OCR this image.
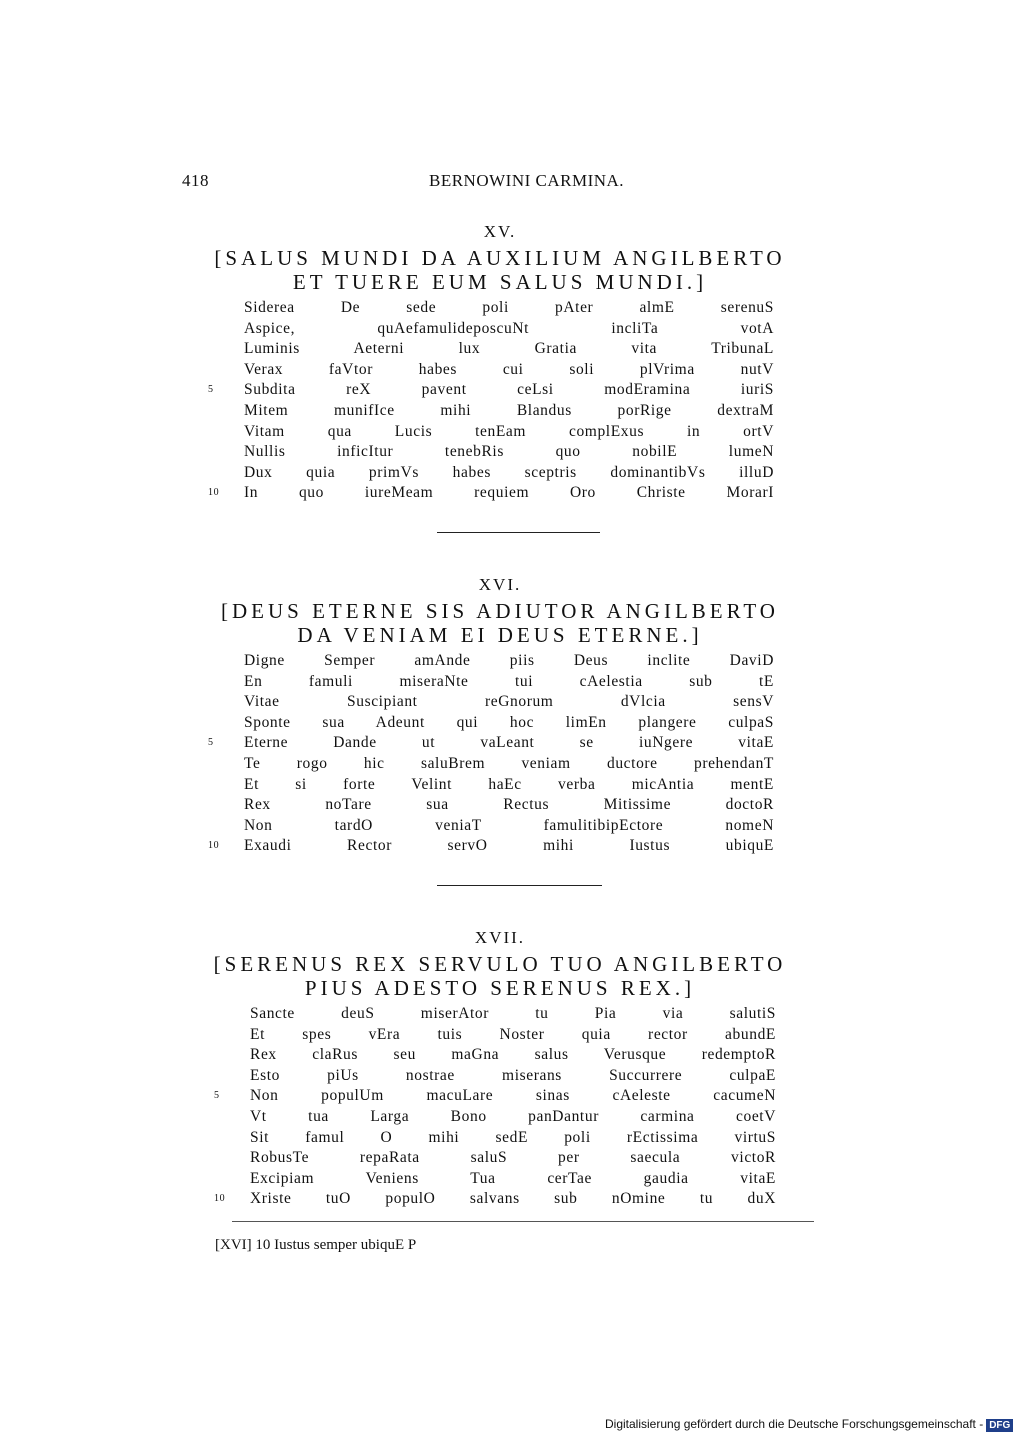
418	BERNOWINI CARMINA.
XV.
[SALUS MUNDI DA AUXILIUM ANGILBERTO
ET TUERE EUM SALUS MUNDI.]
Siderea De sede poli pAter almE serenuS
Aspice, quAefamulideposcuNt incliTa votA
Luminis Aeterni lux Gratia vita TribunaL
Verax faVtor habes cui soli plVrima nutV
5	Subdita reX pavent ceLsi modEramina iuriS
Mitem munifIce mihi Blandus porRige dextraM
Vitam qua Lucis tenEam complExus in ortV
Nullis inficItur tenebRis quo nobilE lumeN
Dux quia primVs habes sceptris dominantibVs illuD
10	In quo iureMeam requiem Oro Christe MorarI
XVI.
[DEUS ETERNE SIS ADIUTOR ANGILBERTO
DA VENIAM EI DEUS ETERNE.]
Digne Semper amAnde piis Deus inclite DaviD
En famuli miseraNte tui cAelestia sub tE
Vitae Suscipiant reGnorum dVlcia sensV
Sponte sua Adeunt qui hoc limEn plangere culpaS
5	Eterne Dande ut vaLeant se iuNgere vitaE
Te rogo hic saluBrem veniam ductore prehendanT
Et si forte Velint haEc verba micAntia mentE
Rex noTare sua Rectus Mitissime doctoR
Non tardO veniaT famulitibipEctore nomeN
10	Exaudi Rector servO mihi Iustus ubiquE
XVII.
[SERENUS REX SERVULO TUO ANGILBERTO
PIUS ADESTO SERENUS REX.]
Sancte deuS miserAtor tu Pia via salutiS
Et spes vEra tuis Noster quia rector abundE
Rex claRus seu maGna salus Verusque redemptoR
Esto piUs nostrae miserans Succurrere culpaE
5	Non populUm macuLare sinas cAeleste cacumeN
Vt tua Larga Bono panDantur carmina coetV
Sit famul O mihi sedE poli rEctissima virtuS
RobusTe repaRata saluS per saecula victoR
Excipiam Veniens Tua cerTae gaudia vitaE
10	Xriste tuO populO salvans sub nOmine tu duX
[XVI] 10 Iustus semper ubiquE P
Digitalisierung gefördert durch die Deutsche Forschungsgemeinschaft - DFG
